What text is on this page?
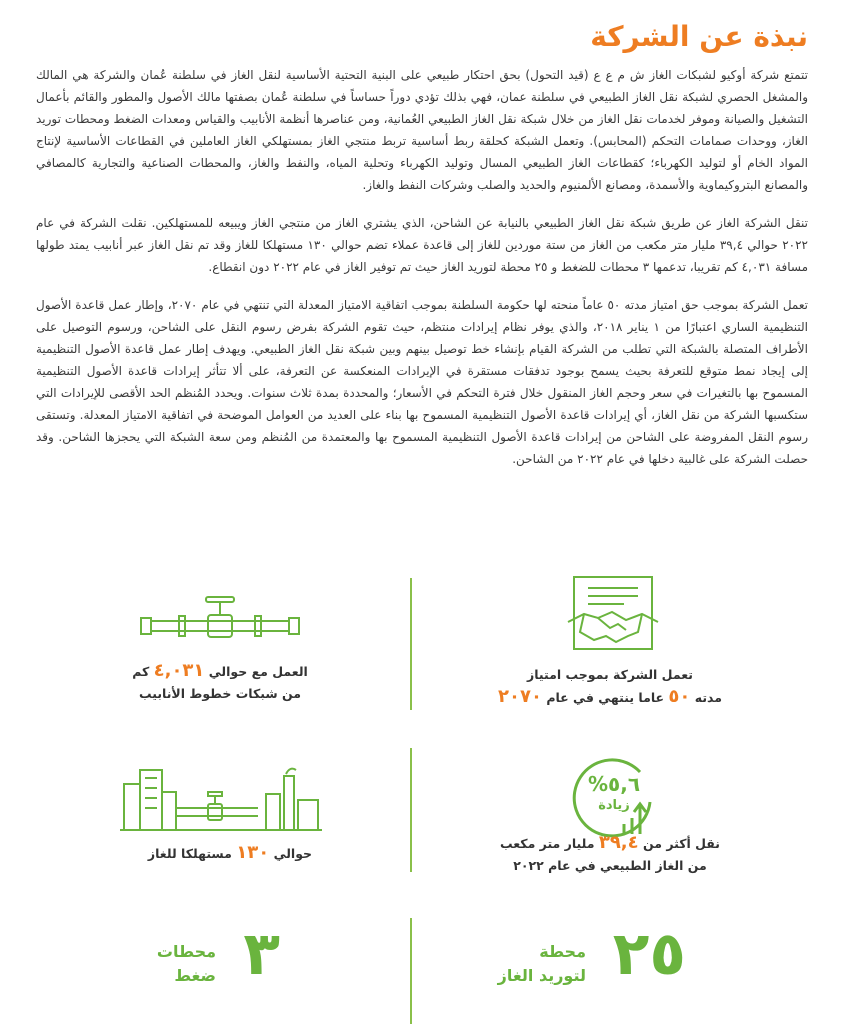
نبذة عن الشركة

تتمتع شركة أوكيو لشبكات الغاز ش م ع ع (قيد التحول) بحق احتكار طبيعي على البنية التحتية الأساسية لنقل الغاز في سلطنة عُمان والشركة هي المالك والمشغل الحصري لشبكة نقل الغاز الطبيعي في سلطنة عمان، فهي بذلك تؤدي دوراً حساساً في سلطنة عُمان بصفتها مالك الأصول والمطور والقائم بأعمال التشغيل والصيانة وموفر لخدمات نقل الغاز من خلال شبكة نقل الغاز الطبيعي العُمانية، ومن عناصرها أنظمة الأنابيب والقياس ومعدات الضغط ومحطات توريد الغاز، ووحدات صمامات التحكم (المحابس). وتعمل الشبكة كحلقة ربط أساسية تربط منتجي الغاز بمستهلكي الغاز العاملين في القطاعات الأساسية لإنتاج المواد الخام أو لتوليد الكهرباء؛ كقطاعات الغاز الطبيعي المسال وتوليد الكهرباء وتحلية المياه، والنفط والغاز، والمحطات الصناعية والتجارية كالمصافي والمصانع البتروكيماوية والأسمدة، ومصانع الألمنيوم والحديد والصلب وشركات النفط والغاز.

تنقل الشركة الغاز عن طريق شبكة نقل الغاز الطبيعي بالنيابة عن الشاحن، الذي يشتري الغاز من منتجي الغاز ويبيعه للمستهلكين. نقلت الشركة في عام ٢٠٢٢ حوالي ٣٩,٤ مليار متر مكعب من الغاز من ستة موردين للغاز إلى قاعدة عملاء تضم حوالي ١٣٠ مستهلكا للغاز وقد تم نقل الغاز عبر أنابيب يمتد طولها مسافة ٤,٠٣١ كم تقريبا، تدعمها ٣ محطات للضغط و ٢٥ محطة لتوريد الغاز حيث تم توفير الغاز في عام ٢٠٢٢ دون انقطاع.

تعمل الشركة بموجب حق امتياز مدته ٥٠ عاماً منحته لها حكومة السلطنة بموجب اتفاقية الامتياز المعدلة التي تنتهي في عام ٢٠٧٠، وإطار عمل قاعدة الأصول التنظيمية الساري اعتبارًا من ١ يناير ٢٠١٨، والذي يوفر نظام إيرادات منتظم، حيث تقوم الشركة بفرض رسوم النقل على الشاحن، ورسوم التوصيل على الأطراف المتصلة بالشبكة التي تطلب من الشركة القيام بإنشاء خط توصيل بينهم وبين شبكة نقل الغاز الطبيعي. ويهدف إطار عمل قاعدة الأصول التنظيمية إلى إيجاد نمط متوقع للتعرفة بحيث يسمح بوجود تدفقات مستقرة في الإيرادات المنعكسة عن التعرفة، على ألا تتأثر إيرادات قاعدة الأصول التنظيمية المسموح بها بالتغيرات في سعر وحجم الغاز المنقول خلال فترة التحكم في الأسعار؛ والمحددة بمدة ثلاث سنوات. ويحدد المُنظم الحد الأقصى للإيرادات التي ستكسبها الشركة من نقل الغاز، أي إيرادات قاعدة الأصول التنظيمية المسموح بها بناء على العديد من العوامل الموضحة في اتفاقية الامتياز المعدلة. وتستقى رسوم النقل المفروضة على الشاحن من إيرادات قاعدة الأصول التنظيمية المسموح بها والمعتمدة من المُنظم ومن سعة الشبكة التي يحجزها الشاحن. وقد حصلت الشركة على غالبية دخلها في عام ٢٠٢٢ من الشاحن.

٥,٦%
زيادة
تعمل الشركة بموجب امتياز
مدته ٥٠ عاما ينتهي في عام ٢٠٧٠
العمل مع حوالي ٤,٠٣١ كم
من شبكات خطوط الأنابيب
نقل أكثر من ٣٩,٤ مليار متر مكعب
من الغاز الطبيعي في عام ٢٠٢٢
حوالي ١٣٠ مستهلكا للغاز
٢٥
محطة
لتوريد الغاز
٣
محطات
ضغط
